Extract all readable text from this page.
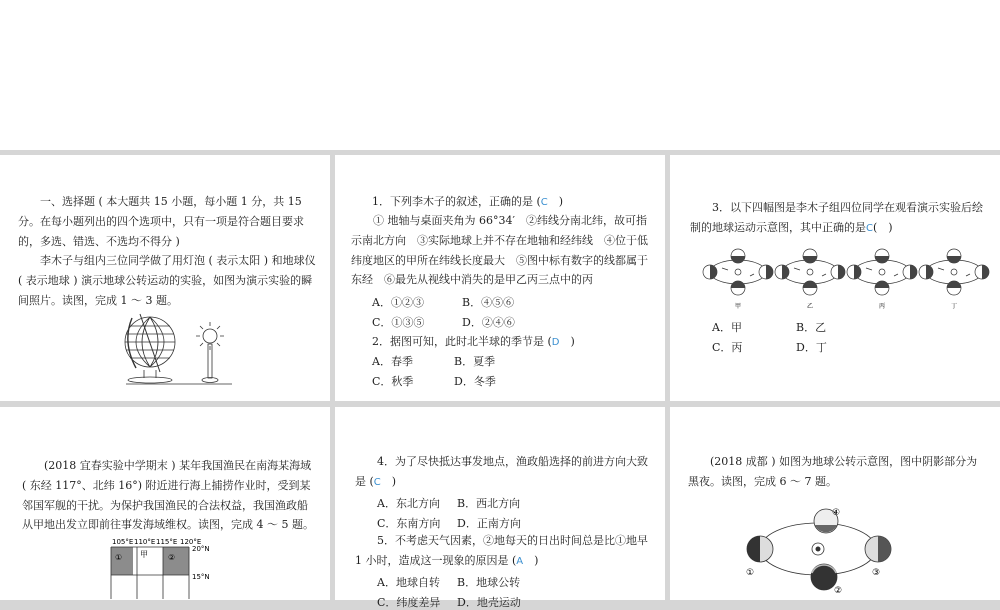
一、选择题 ( 本大题共 15 小题，每小题 1 分，共 15 分。在每小题列出的四个选项中，只有一项是符合题目要求的，多选、错选、不选均不得分 )

李木子与组内三位同学做了用灯泡 ( 表示太阳 ) 和地球仪 ( 表示地球 ) 演示地球公转运动的实验，如图为演示实验的瞬间照片。读图，完成 1 ～ 3 题。

1．下列李木子的叙述，正确的是 (C　 )

① 地轴与桌面夹角为 66°34′　②纬线分南北纬，故可指示南北方向　③实际地球上并不存在地轴和经纬线　④位于低纬度地区的甲所在纬线长度最大　⑤图中标有数字的线都属于东经　⑥最先从视线中消失的是甲乙丙三点中的丙

A．①②③	B．④⑤⑥
C．①③⑤	D．②④⑥
2．据图可知，此时北半球的季节是 (D　 )
A．春季	B．夏季
C．秋季	D．冬季

3．以下四幅图是李木子组四位同学在观看演示实验后绘制的地球运动示意图，其中正确的是C(　 )

甲	乙	丙	丁
A．甲	B．乙
C．丙	D．丁

(2018 宜春实验中学期末 ) 某年我国渔民在南海某海域 ( 东经 117°、北纬 16°) 附近进行海上捕捞作业时，受到某邻国军舰的干扰。为保护我国渔民的合法权益，我国渔政船从甲地出发立即前往事发海域维权。读图，完成 4 ～ 5 题。

105°E 110°E 115°E 120°E
20°N
15°N
① 甲	②

4．为了尽快抵达事发地点，渔政船选择的前进方向大致是 (C　 )

A．东北方向 B．西北方向
C．东南方向 D．正南方向

5．不考虑天气因素，②地每天的日出时间总是比①地早 1 小时，造成这一现象的原因是 (A　 )

A．地球自转 B．地球公转
C．纬度差异 D．地壳运动

(2018 成都 ) 如图为地球公转示意图，图中阴影部分为黑夜。读图，完成 6 ～ 7 题。

①
②
③
④
